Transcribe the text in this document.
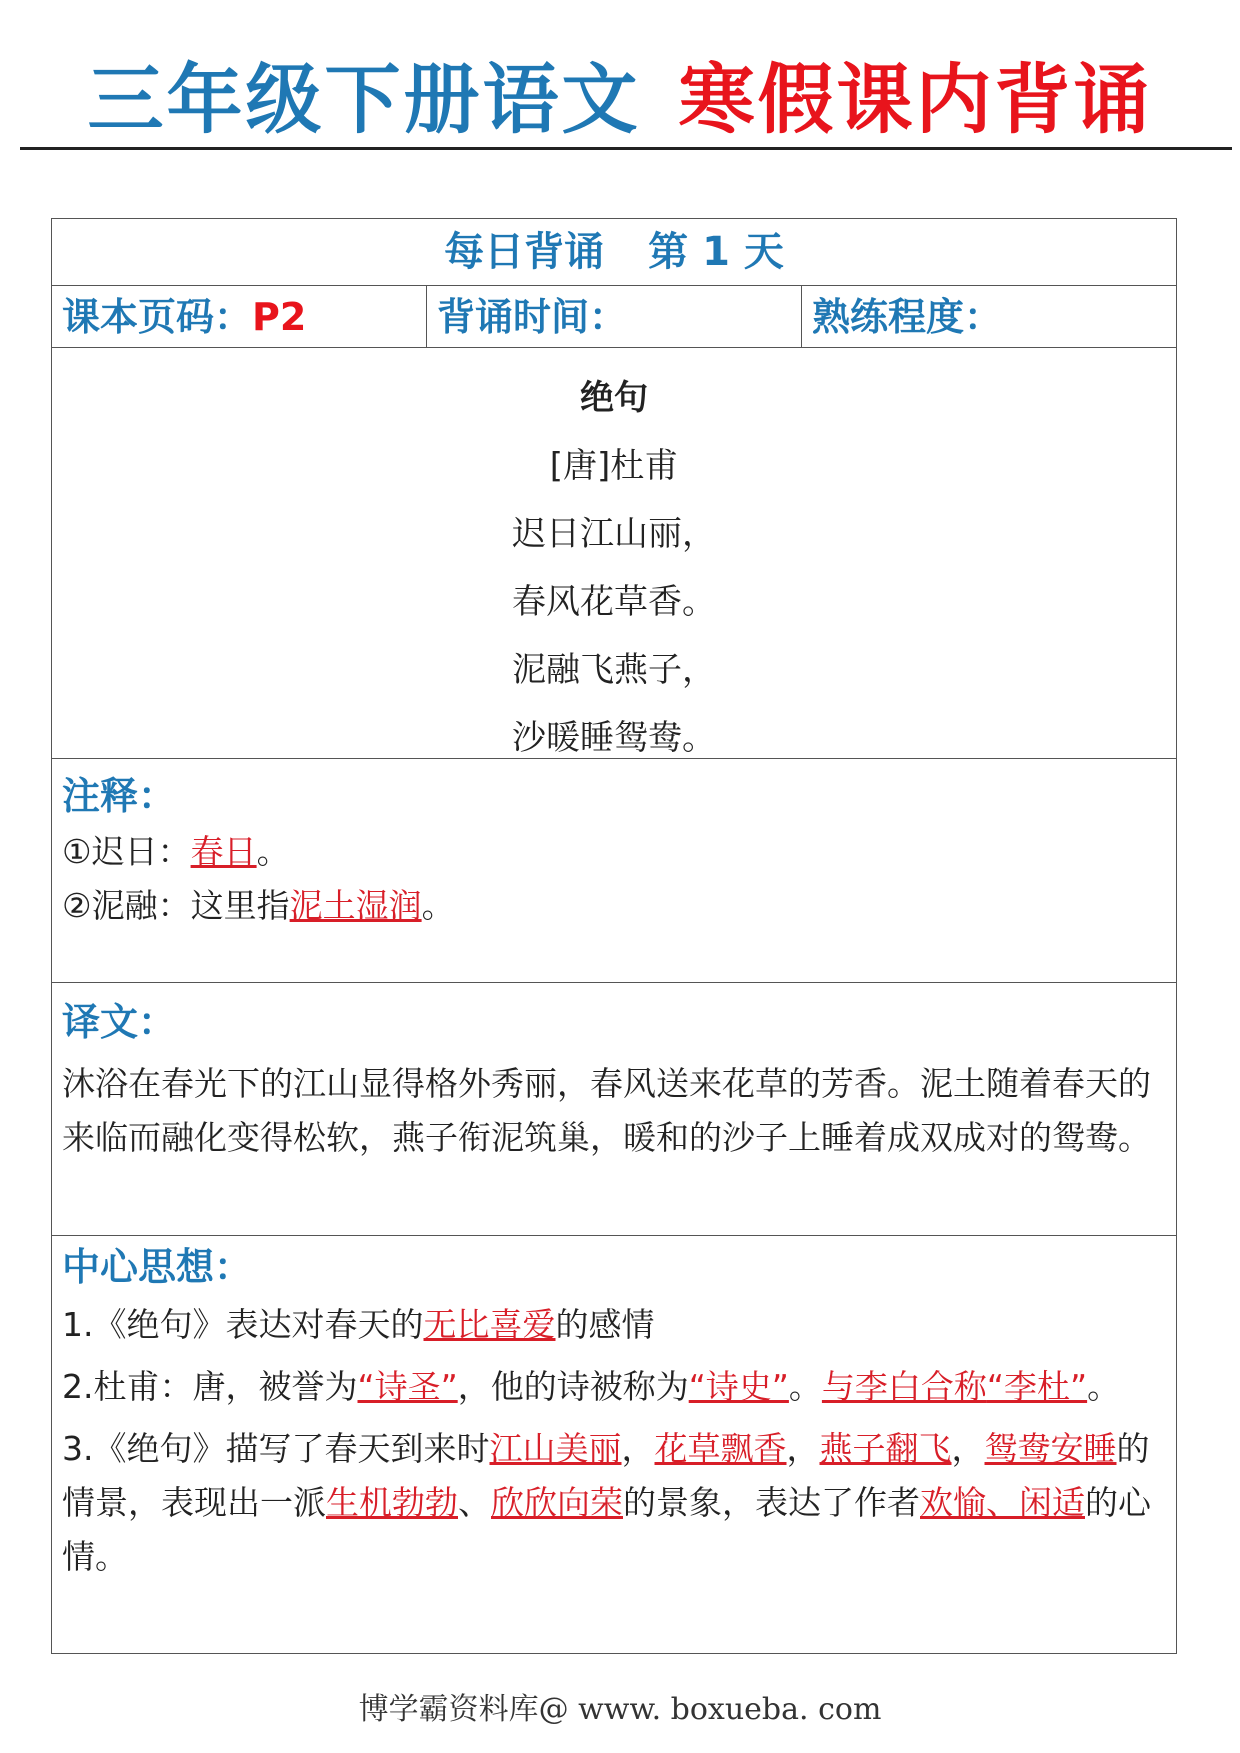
三年级下册语文 寒假课内背诵
每日背诵 第 1 天
课本页码：P2	背诵时间：	熟练程度：
绝句
[唐]杜甫
迟日江山丽，
春风花草香。
泥融飞燕子，
沙暖睡鸳鸯。
注释：
①迟日：春日。
②泥融：这里指泥土湿润。
译文：
沐浴在春光下的江山显得格外秀丽，春风送来花草的芳香。泥土随着春天的来临而融化变得松软，燕子衔泥筑巢，暖和的沙子上睡着成双成对的鸳鸯。
中心思想：
1.《绝句》表达对春天的无比喜爱的感情
2.杜甫：唐，被誉为“诗圣”，他的诗被称为“诗史”。与李白合称“李杜”。
3.《绝句》描写了春天到来时江山美丽，花草飘香，燕子翻飞，鸳鸯安睡的情景，表现出一派生机勃勃、欣欣向荣的景象，表达了作者欢愉、闲适的心情。
博学霸资料库@ www. boxueba. com
